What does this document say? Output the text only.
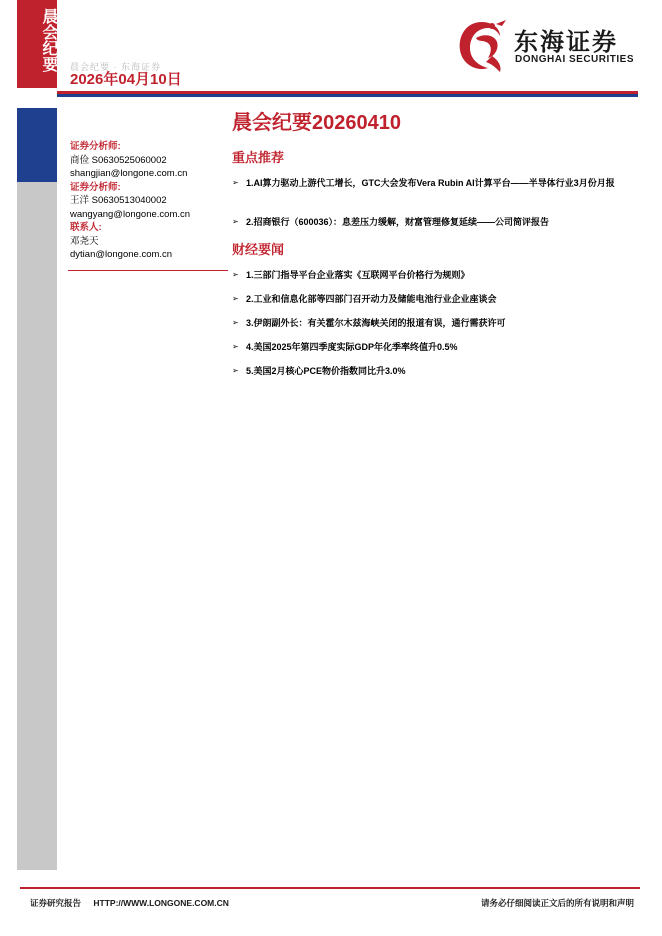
晨会纪要 晨会纪要 · 东海证券
2026年04月10日
东海证券
DONGHAI SECURITIES
晨会纪要20260410
证券分析师:
商俭 S0630525060002
shangjian@longone.com.cn
证券分析师:
王洋 S0630513040002
wangyang@longone.com.cn
联系人:
邓尧天
dytian@longone.com.cn
重点推荐
➢ 1.AI算力驱动上游代工增长，GTC大会发布Vera Rubin AI计算平台——半导体行业3月份月报
➢ 2.招商银行（600036）：息差压力缓解，财富管理修复延续——公司简评报告
财经要闻
➢ 1.三部门指导平台企业落实《互联网平台价格行为规则》
➢ 2.工业和信息化部等四部门召开动力及储能电池行业企业座谈会
➢ 3.伊朗副外长：有关霍尔木兹海峡关闭的报道有误，通行需获许可
➢ 4.美国2025年第四季度实际GDP年化季率终值升0.5%
➢ 5.美国2月核心PCE物价指数同比升3.0%
证券研究报告 HTTP://WWW.LONGONE.COM.CN	请务必仔细阅读正文后的所有说明和声明
